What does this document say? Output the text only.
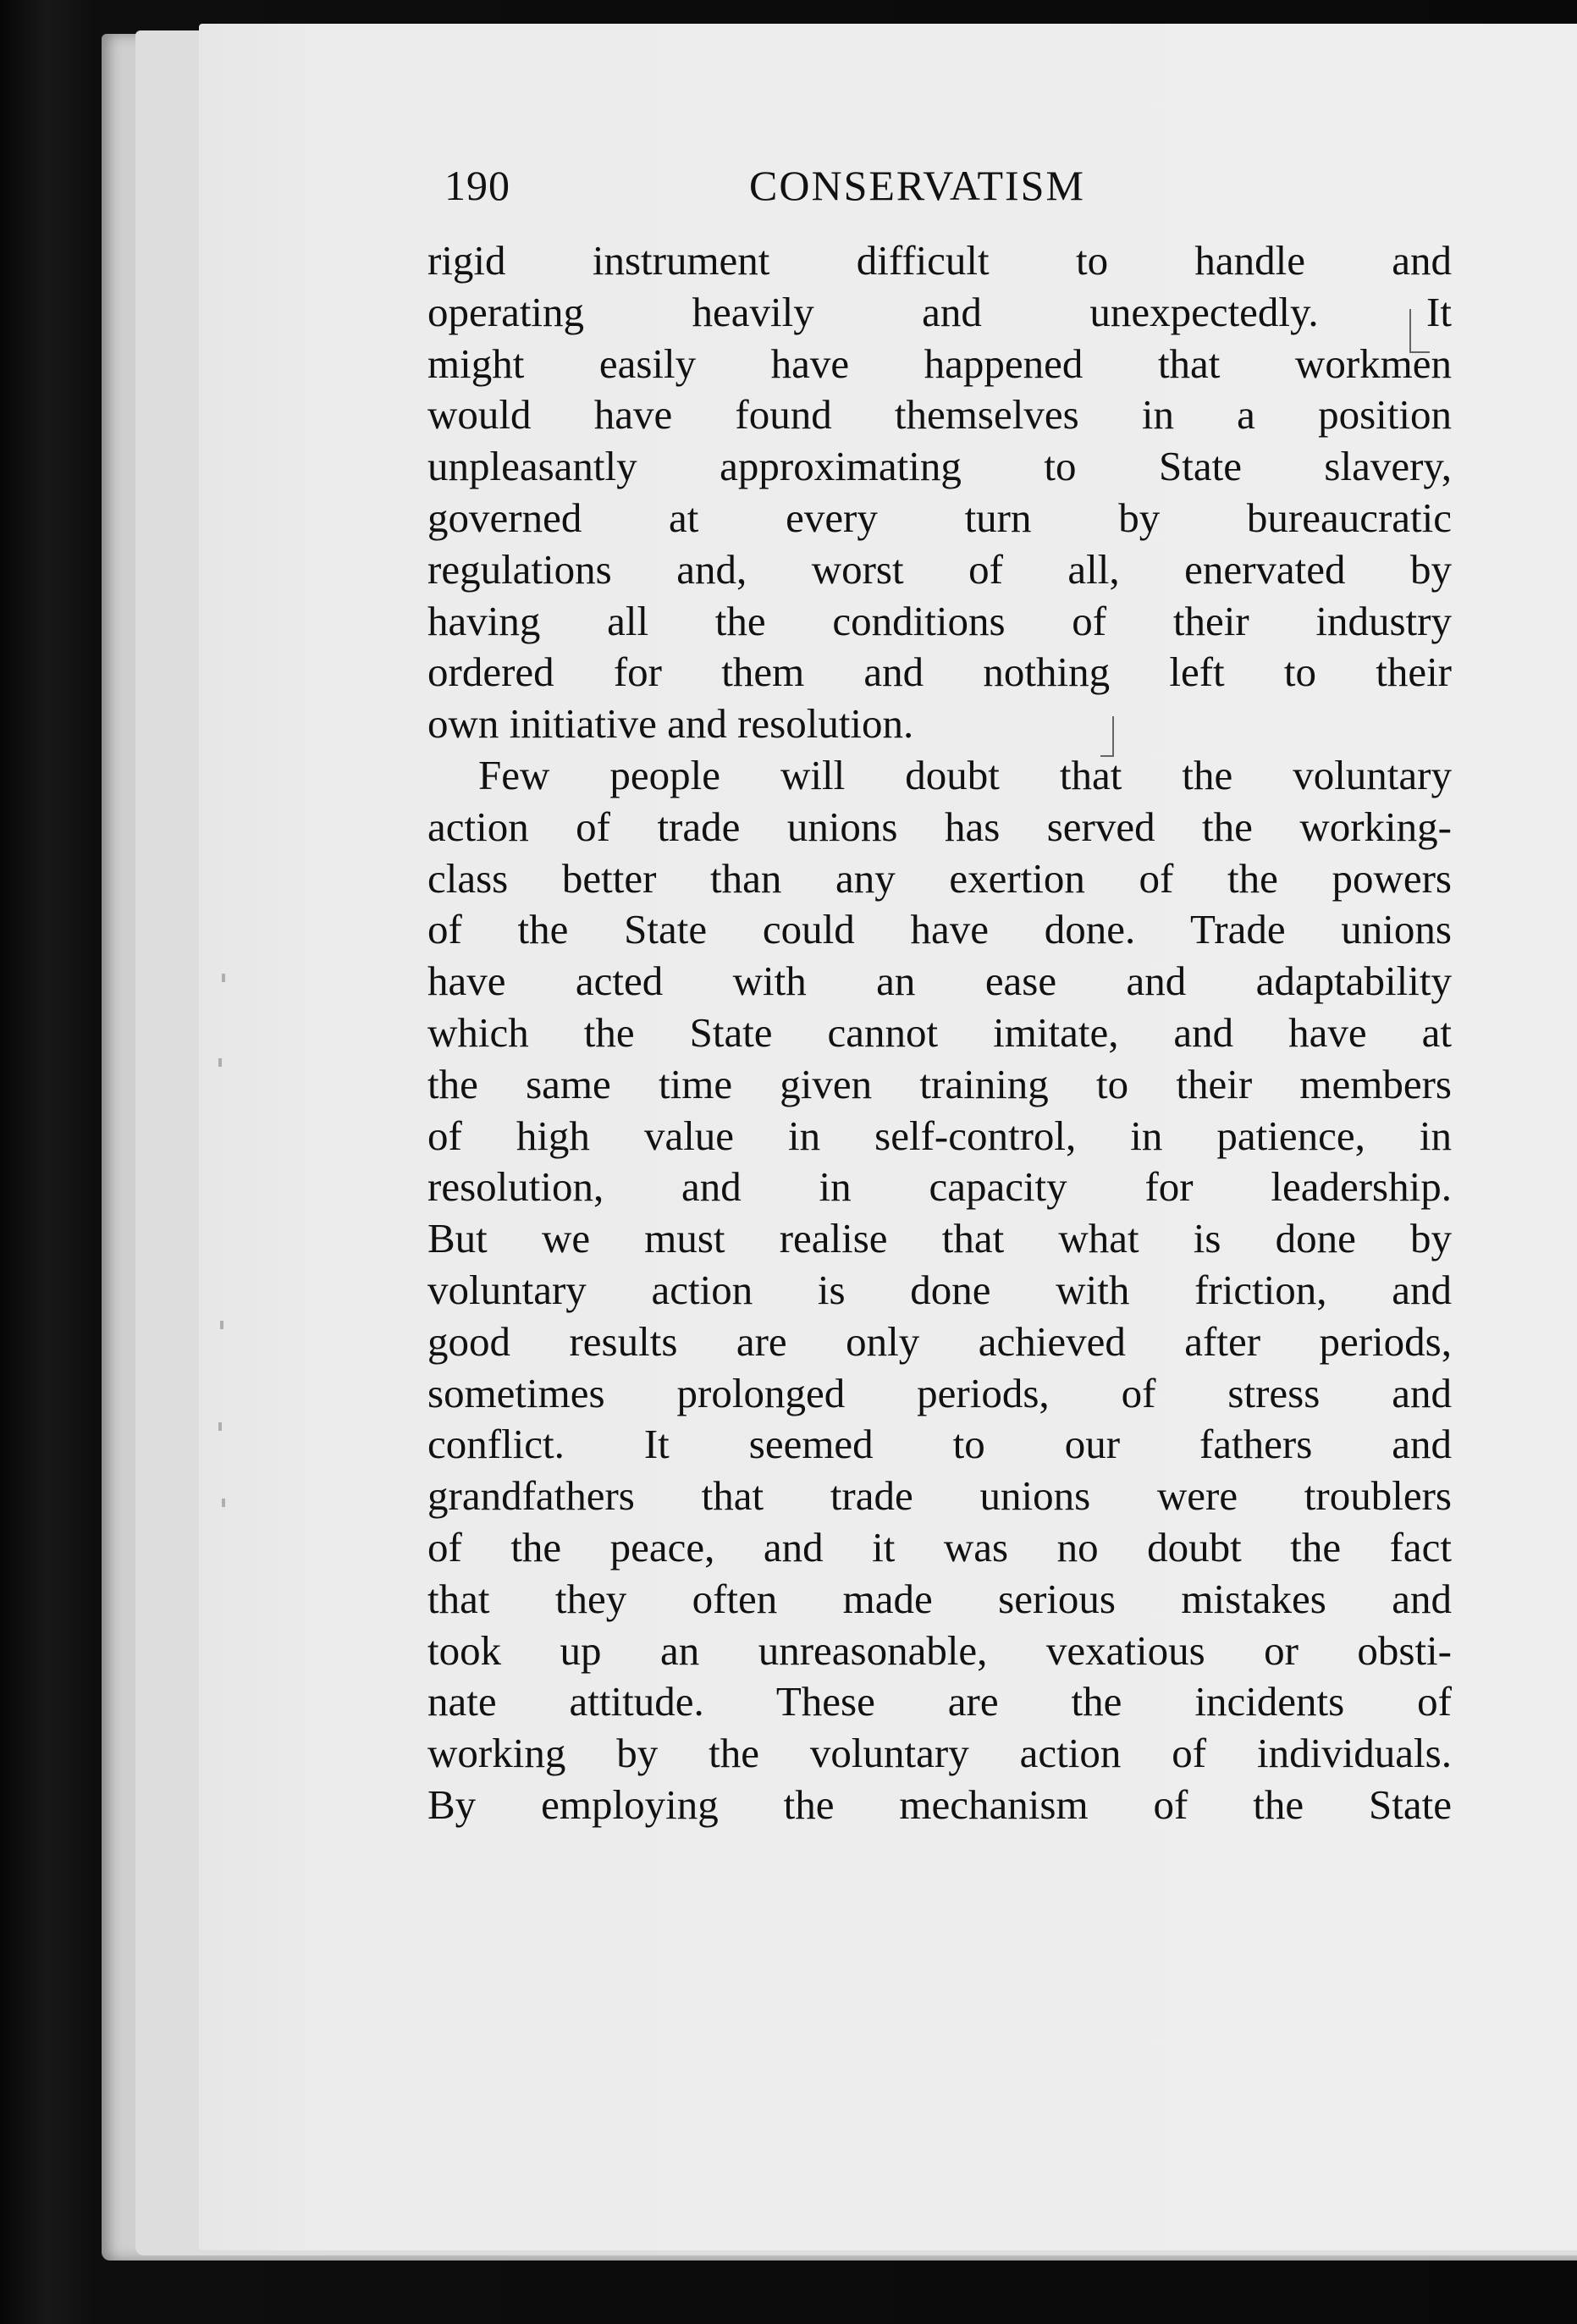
190	CONSERVATISM
rigid instrument difficult to handle and
operating heavily and unexpectedly. It
might easily have happened that workmen
would have found themselves in a position
unpleasantly approximating to State slavery,
governed at every turn by bureaucratic
regulations and, worst of all, enervated by
having all the conditions of their industry
ordered for them and nothing left to their
own initiative and resolution.
Few people will doubt that the voluntary
action of trade unions has served the working-
class better than any exertion of the powers
of the State could have done. Trade unions
have acted with an ease and adaptability
which the State cannot imitate, and have at
the same time given training to their members
of high value in self-control, in patience, in
resolution, and in capacity for leadership.
But we must realise that what is done by
voluntary action is done with friction, and
good results are only achieved after periods,
sometimes prolonged periods, of stress and
conflict. It seemed to our fathers and
grandfathers that trade unions were troublers
of the peace, and it was no doubt the fact
that they often made serious mistakes and
took up an unreasonable, vexatious or obsti-
nate attitude. These are the incidents of
working by the voluntary action of individuals.
By employing the mechanism of the State
